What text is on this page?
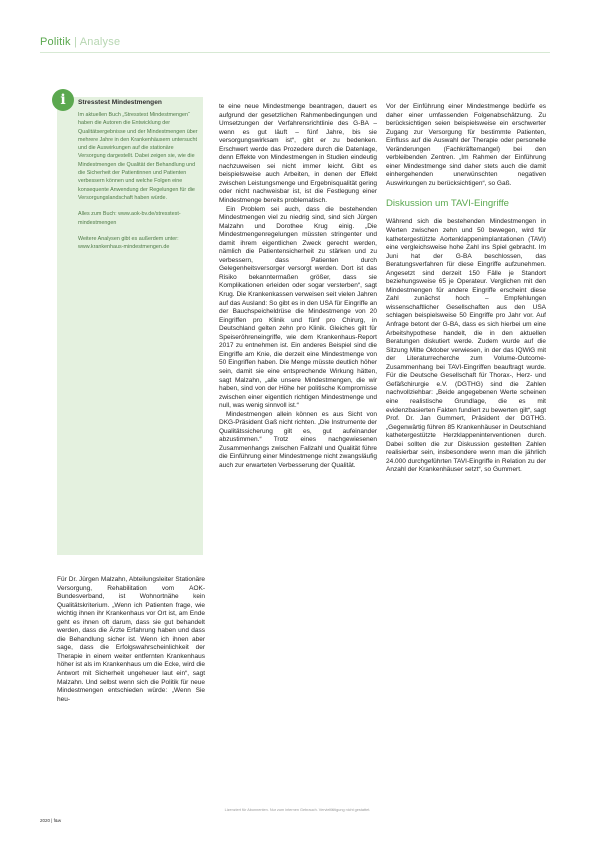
Politik | Analyse
i	Stresstest Mindestmengen

Im aktuellen Buch „Stresstest Mindestmengen“ haben die Autoren die Entwicklung der Qualitätsergebnisse und der Mindestmengen über mehrere Jahre in den Krankenhäusern untersucht und die Auswirkungen auf die stationäre Versorgung dargestellt. Dabei zeigen sie, wie die Mindestmengen die Qualität der Behandlung und die Sicherheit der Patientinnen und Patienten verbessern können und welche Folgen eine konsequente Anwendung der Regelungen für die Versorgungslandschaft haben würde.

Alles zum Buch: www.aok-bv.de/stresstest-mindestmengen

Weitere Analysen gibt es außerdem unter: www.krankenhaus-mindestmengen.de

Für Dr. Jürgen Malzahn, Abteilungsleiter Stationäre Versorgung, Rehabilitation vom AOK-Bundesverband, ist Wohnortnähe kein Qualitätskriterium. „Wenn ich Patienten frage, wie wichtig ihnen ihr Krankenhaus vor Ort ist, am Ende geht es ihnen oft darum, dass sie gut behandelt werden, dass die Ärzte Erfahrung haben und dass die Behandlung sicher ist. Wenn ich ihnen aber sage, dass die Erfolgswahrscheinlichkeit der Therapie in einem weiter entfernten Krankenhaus höher ist als im Krankenhaus um die Ecke, wird die Antwort mit Sicherheit ungeheuer laut ein“, sagt Malzahn. Und selbst wenn sich die Politik für neue Mindestmengen entschieden würde: „Wenn Sie heu-

te eine neue Mindestmenge beantragen, dauert es aufgrund der gesetzlichen Rahmenbedingungen und Umsetzungen der Verfahrensrichtlinie des G-BA – wenn es gut läuft – fünf Jahre, bis sie versorgungswirksam ist“, gibt er zu bedenken. Erschwert werde das Prozedere durch die Datenlage, denn Effekte von Mindestmengen in Studien eindeutig nachzuweisen sei nicht immer leicht. Gibt es beispielsweise auch Arbeiten, in denen der Effekt zwischen Leistungsmenge und Ergebnisqualität gering oder nicht nachweisbar ist, ist die Festlegung einer Mindestmenge bereits problematisch.

Ein Problem sei auch, dass die bestehenden Mindestmengen viel zu niedrig sind, sind sich Jürgen Malzahn und Dorothee Krug einig. „Die Mindestmengenregelungen müssten stringenter und damit ihrem eigentlichen Zweck gerecht werden, nämlich die Patientensicherheit zu stärken und zu verbessern, dass Patienten durch Gelegenheitsversorger versorgt werden. Dort ist das Risiko bekanntermaßen größer, dass sie Komplikationen erleiden oder sogar versterben“, sagt Krug. Die Krankenkassen verweisen seit vielen Jahren auf das Ausland: So gibt es in den USA für Eingriffe an der Bauchspeicheldrüse die Mindestmenge von 20 Eingriffen pro Klinik und fünf pro Chirurg, in Deutschland gelten zehn pro Klinik. Gleiches gilt für Speiseröhreneingriffe, wie dem Krankenhaus-Report 2017 zu entnehmen ist. Ein anderes Beispiel sind die Eingriffe am Knie, die derzeit eine Mindestmenge von 50 Eingriffen haben. Die Menge müsste deutlich höher sein, damit sie eine entsprechende Wirkung hätten, sagt Malzahn, „alle unsere Mindestmengen, die wir haben, sind von der Höhe her politische Kompromisse zwischen einer eigentlich richtigen Mindestmenge und null, was wenig sinnvoll ist.“

Mindestmengen allein können es aus Sicht von DKG-Präsident Gaß nicht richten. „Die Instrumente der Qualitätssicherung gilt es, gut aufeinander abzustimmen.“ Trotz eines nachgewiesenen Zusammenhangs zwischen Fallzahl und Qualität führe die Einführung einer Mindestmenge nicht zwangsläufig auch zur erwarteten Verbesserung der Qualität.

Vor der Einführung einer Mindestmenge bedürfe es daher einer umfassenden Folgenabschätzung. Zu berücksichtigen seien beispielsweise ein erschwerter Zugang zur Versorgung für bestimmte Patienten, Einfluss auf die Auswahl der Therapie oder personelle Veränderungen (Fachkräftemangel) bei den verbleibenden Zentren. „Im Rahmen der Einführung einer Mindestmenge sind daher stets auch die damit einhergehenden unerwünschten negativen Auswirkungen zu berücksichtigen“, so Gaß.

Diskussion um TAVI-Eingriffe

Während sich die bestehenden Mindestmengen in Werten zwischen zehn und 50 bewegen, wird für kathetergestützte Aortenklappenimplantationen (TAVI) eine vergleichsweise hohe Zahl ins Spiel gebracht. Im Juni hat der G-BA beschlossen, das Beratungsverfahren für diese Eingriffe aufzunehmen. Angesetzt sind derzeit 150 Fälle je Standort beziehungsweise 65 je Operateur. Verglichen mit den Mindestmengen für andere Eingriffe erscheint diese Zahl zunächst hoch – Empfehlungen wissenschaftlicher Gesellschaften aus den USA schlagen beispielsweise 50 Eingriffe pro Jahr vor. Auf Anfrage betont der G-BA, dass es sich hierbei um eine Arbeitshypothese handelt, die in den aktuellen Beratungen diskutiert werde. Zudem wurde auf die Sitzung Mitte Oktober verwiesen, in der das IQWiG mit der Literaturrecherche zum Volume-Outcome-Zusammenhang bei TAVI-Eingriffen beauftragt wurde. Für die Deutsche Gesellschaft für Thorax-, Herz- und Gefäßchirurgie e.V. (DGTHG) sind die Zahlen nachvollziehbar: „Beide angegebenen Werte scheinen eine realistische Grundlage, die es mit evidenzbasierten Fakten fundiert zu bewerten gilt“, sagt Prof. Dr. Jan Gummert, Präsident der DGTHG. „Gegenwärtig führen 85 Krankenhäuser in Deutschland kathetergestützte Herzklappeninterventionen durch. Dabei sollten die zur Diskussion gestellten Zahlen realisierbar sein, insbesondere wenn man die jährlich 24.000 durchgeführten TAVI-Eingriffe in Relation zu der Anzahl der Krankenhäuser setzt“, so Gummert.

Lizenziert für Abonnenten. Nur zum internen Gebrauch. Vervielfältigung nicht gestattet.
2020 | f&w
